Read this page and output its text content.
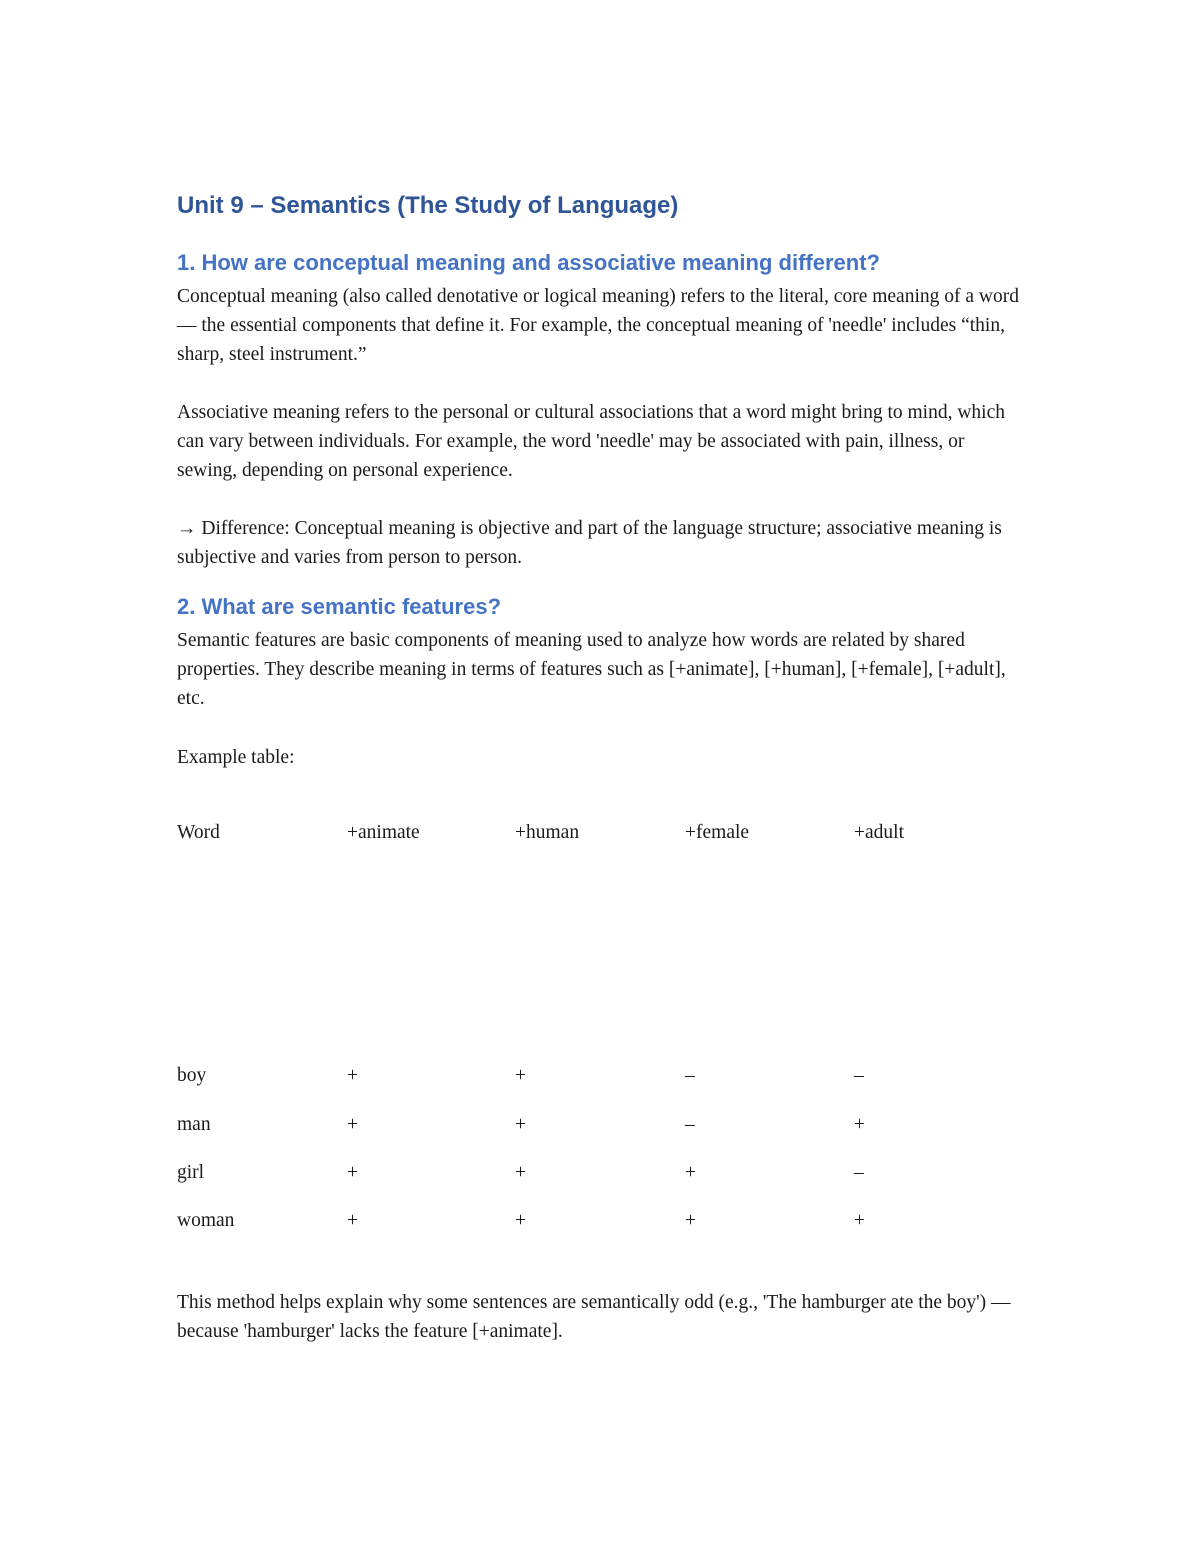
Unit 9 – Semantics (The Study of Language)
1. How are conceptual meaning and associative meaning different?

Conceptual meaning (also called denotative or logical meaning) refers to the literal, core meaning of a word — the essential components that define it. For example, the conceptual meaning of 'needle' includes “thin, sharp, steel instrument.”

Associative meaning refers to the personal or cultural associations that a word might bring to mind, which can vary between individuals. For example, the word 'needle' may be associated with pain, illness, or sewing, depending on personal experience.

→ Difference: Conceptual meaning is objective and part of the language structure; associative meaning is subjective and varies from person to person.

2. What are semantic features?

Semantic features are basic components of meaning used to analyze how words are related by shared properties. They describe meaning in terms of features such as [+animate], [+human], [+female], [+adult], etc.

Example table:

Word	+animate	+human	+female	+adult
boy	+	+	–	–
man	+	+	–	+
girl	+	+	+	–
woman	+	+	+	+

This method helps explain why some sentences are semantically odd (e.g., 'The hamburger ate the boy') — because 'hamburger' lacks the feature [+animate].
